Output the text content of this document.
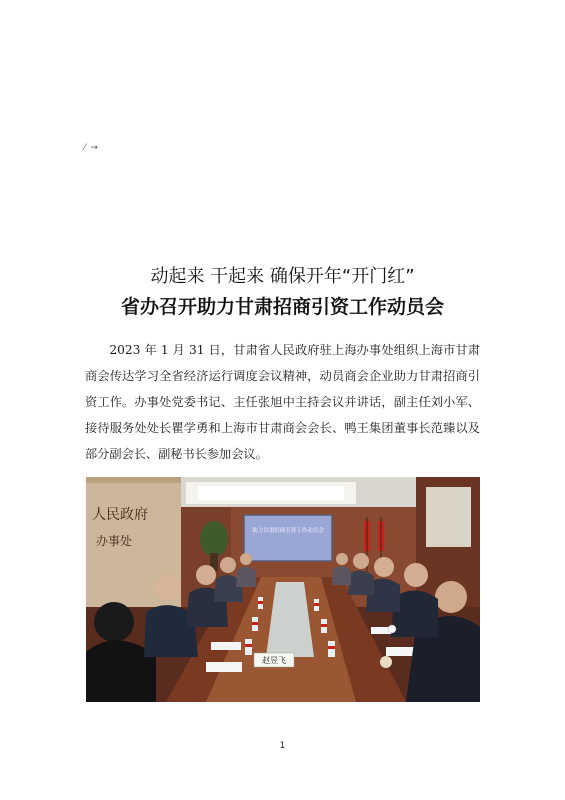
⁄ →
动起来 干起来 确保开年“开门红”
省办召开助力甘肃招商引资工作动员会

2023 年 1 月 31 日，甘肃省人民政府驻上海办事处组织上海市甘肃商会传达学习全省经济运行调度会议精神，动员商会企业助力甘肃招商引资工作。办事处党委书记、主任张旭中主持会议并讲话，副主任刘小军、接待服务处处长瞿学勇和上海市甘肃商会会长、鸭王集团董事长范臻以及部分副会长、副秘书长参加会议。

人民政府
办事处
助力甘肃招商引资工作动员会
赵昱飞
1
